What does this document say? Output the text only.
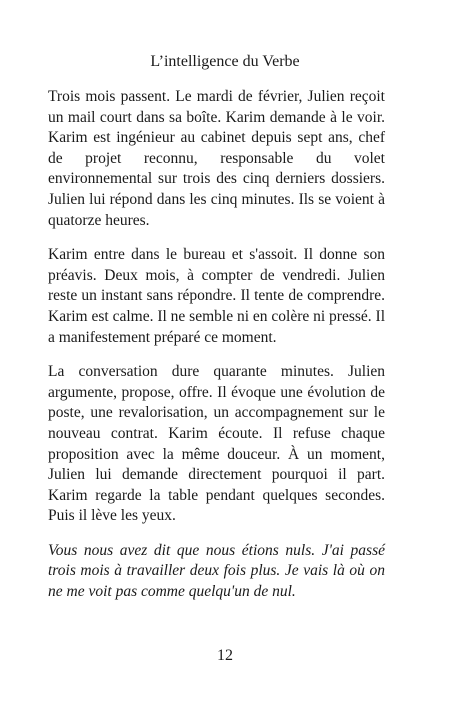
L’intelligence du Verbe

Trois mois passent. Le mardi de février, Julien reçoit un mail court dans sa boîte. Karim demande à le voir. Karim est ingénieur au cabinet depuis sept ans, chef de projet reconnu, responsable du volet environnemental sur trois des cinq derniers dossiers. Julien lui répond dans les cinq minutes. Ils se voient à quatorze heures.

Karim entre dans le bureau et s'assoit. Il donne son préavis. Deux mois, à compter de vendredi. Julien reste un instant sans répondre. Il tente de comprendre. Karim est calme. Il ne semble ni en colère ni pressé. Il a manifestement préparé ce moment.

La conversation dure quarante minutes. Julien argumente, propose, offre. Il évoque une évolution de poste, une revalorisation, un accompagnement sur le nouveau contrat. Karim écoute. Il refuse chaque proposition avec la même douceur. À un moment, Julien lui demande directement pourquoi il part. Karim regarde la table pendant quelques secondes. Puis il lève les yeux.

Vous nous avez dit que nous étions nuls. J'ai passé trois mois à travailler deux fois plus. Je vais là où on ne me voit pas comme quelqu'un de nul.

12
